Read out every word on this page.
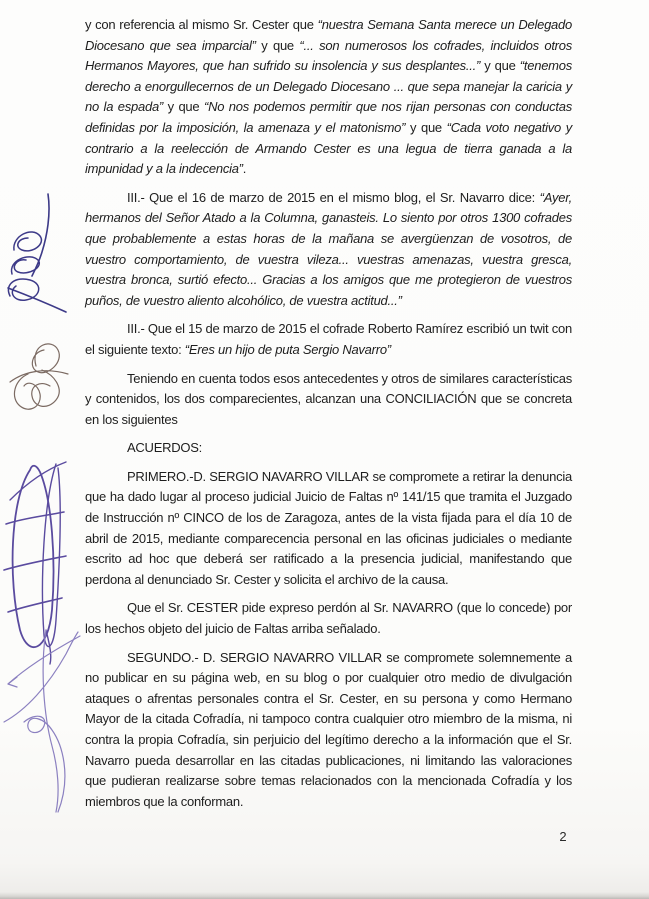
y con referencia al mismo Sr. Cester que “nuestra Semana Santa merece un Delegado Diocesano que sea imparcial” y que “... son numerosos los cofrades, incluidos otros Hermanos Mayores, que han sufrido su insolencia y sus desplantes...” y que “tenemos derecho a enorgullecernos de un Delegado Diocesano ... que sepa manejar la caricia y no la espada” y que “No nos podemos permitir que nos rijan personas con conductas definidas por la imposición, la amenaza y el matonismo” y que “Cada voto negativo y contrario a la reelección de Armando Cester es una legua de tierra ganada a la impunidad y a la indecencia”.

III.- Que el 16 de marzo de 2015 en el mismo blog, el Sr. Navarro dice: “Ayer, hermanos del Señor Atado a la Columna, ganasteis. Lo siento por otros 1300 cofrades que probablemente a estas horas de la mañana se avergüenzan de vosotros, de vuestro comportamiento, de vuestra vileza... vuestras amenazas, vuestra gresca, vuestra bronca, surtió efecto... Gracias a los amigos que me protegieron de vuestros puños, de vuestro aliento alcohólico, de vuestra actitud...”

III.- Que el 15 de marzo de 2015 el cofrade Roberto Ramírez escribió un twit con el siguiente texto: “Eres un hijo de puta Sergio Navarro”

Teniendo en cuenta todos esos antecedentes y otros de similares características y contenidos, los dos comparecientes, alcanzan una CONCILIACIÓN que se concreta en los siguientes

ACUERDOS:

PRIMERO.-D. SERGIO NAVARRO VILLAR se compromete a retirar la denuncia que ha dado lugar al proceso judicial Juicio de Faltas nº 141/15 que tramita el Juzgado de Instrucción nº CINCO de los de Zaragoza, antes de la vista fijada para el día 10 de abril de 2015, mediante comparecencia personal en las oficinas judiciales o mediante escrito ad hoc que deberá ser ratificado a la presencia judicial, manifestando que perdona al denunciado Sr. Cester y solicita el archivo de la causa.

Que el Sr. CESTER pide expreso perdón al Sr. NAVARRO (que lo concede) por los hechos objeto del juicio de Faltas arriba señalado.

SEGUNDO.- D. SERGIO NAVARRO VILLAR se compromete solemnemente a no publicar en su página web, en su blog o por cualquier otro medio de divulgación ataques o afrentas personales contra el Sr. Cester, en su persona y como Hermano Mayor de la citada Cofradía, ni tampoco contra cualquier otro miembro de la misma, ni contra la propia Cofradía, sin perjuicio del legítimo derecho a la información que el Sr. Navarro pueda desarrollar en las citadas publicaciones, ni limitando las valoraciones que pudieran realizarse sobre temas relacionados con la mencionada Cofradía y los miembros que la conforman.

2
